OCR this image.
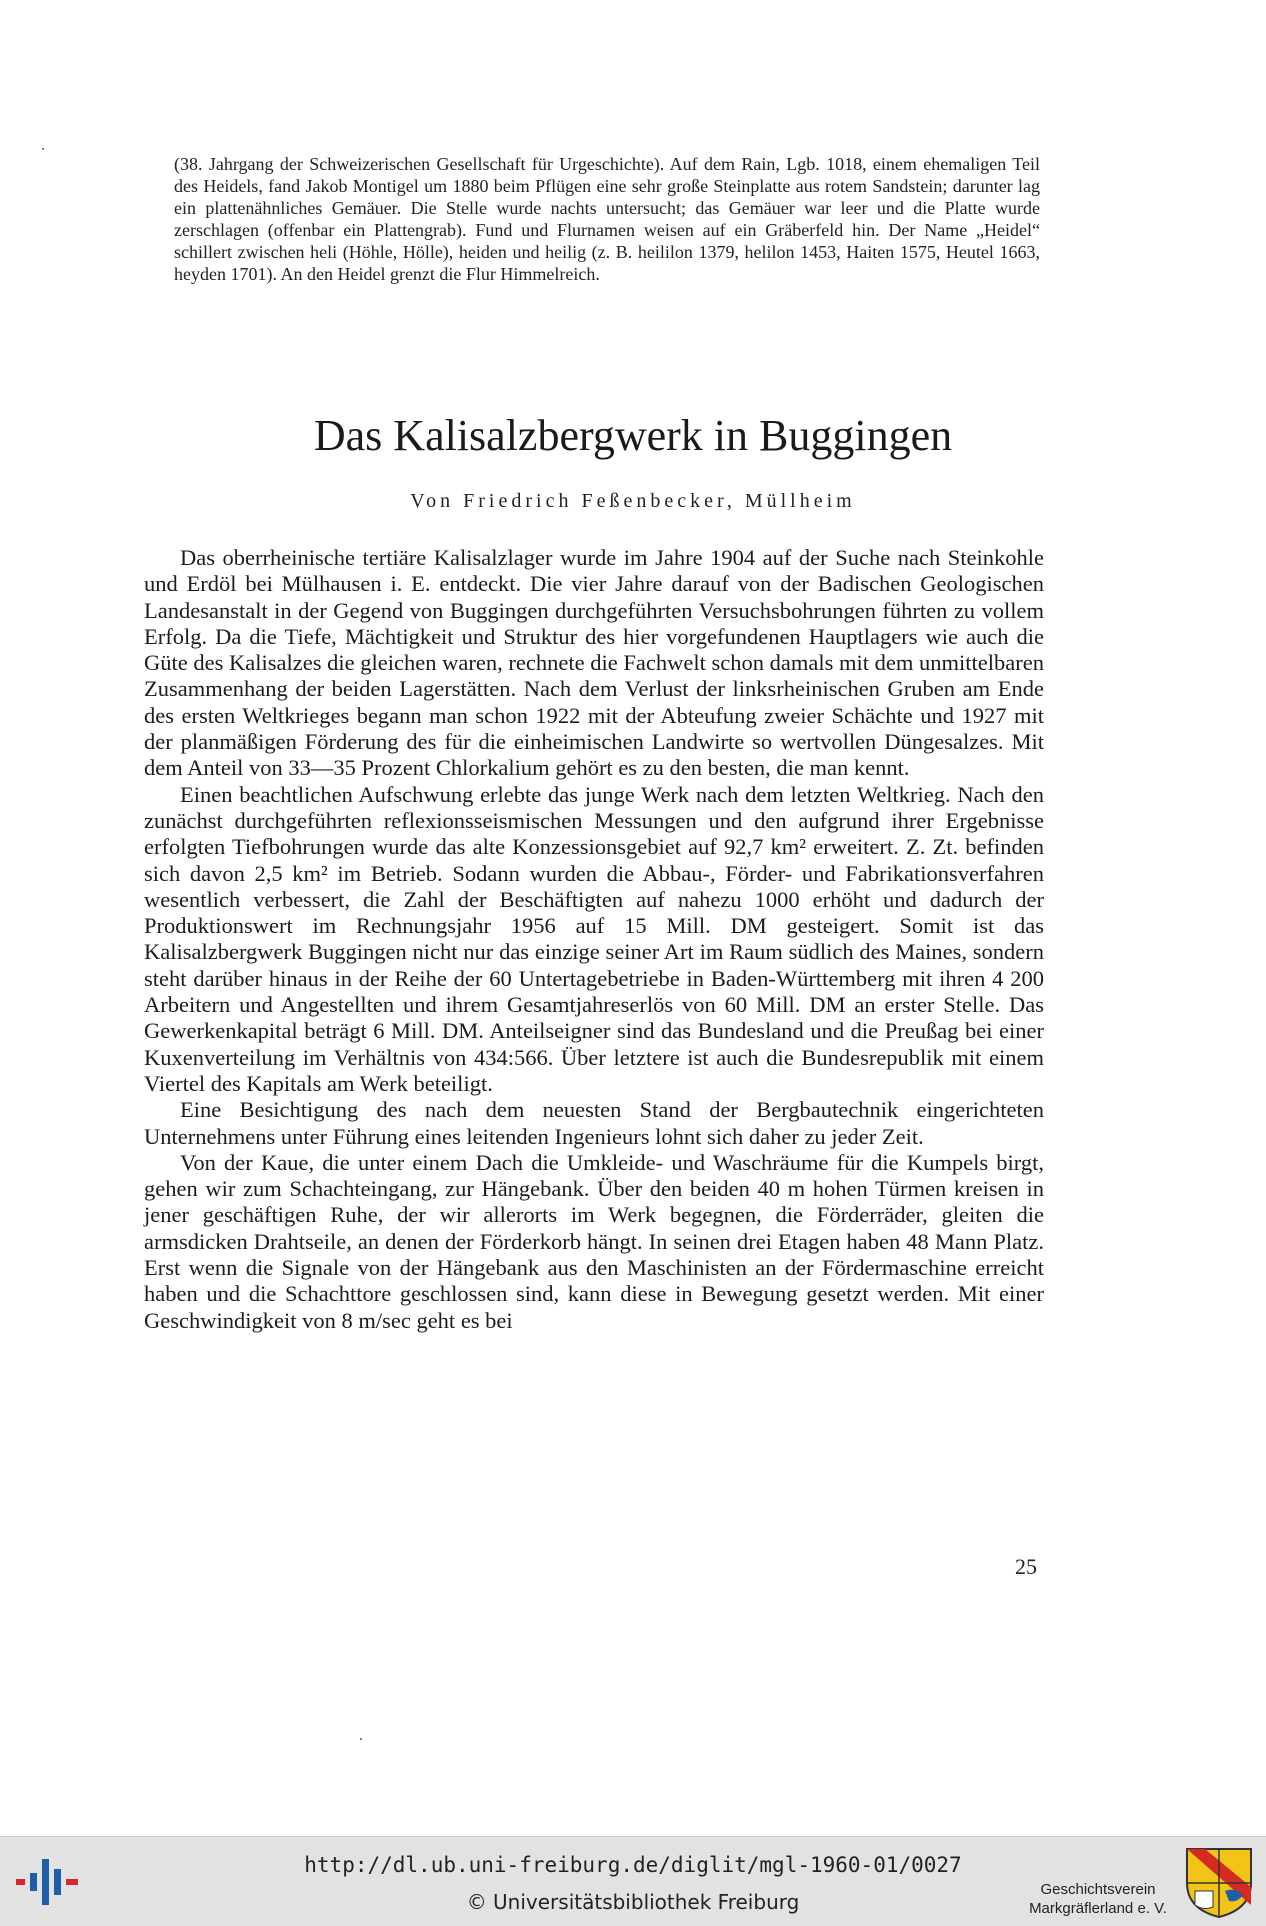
(38. Jahrgang der Schweizerischen Gesellschaft für Urgeschichte). Auf dem Rain, Lgb. 1018, einem ehemaligen Teil des Heidels, fand Jakob Montigel um 1880 beim Pflügen eine sehr große Steinplatte aus rotem Sandstein; darunter lag ein plattenähnliches Gemäuer. Die Stelle wurde nachts untersucht; das Gemäuer war leer und die Platte wurde zerschlagen (offenbar ein Plattengrab). Fund und Flurnamen weisen auf ein Gräberfeld hin. Der Name „Heidel“ schillert zwischen heli (Höhle, Hölle), heiden und heilig (z. B. heililon 1379, helilon 1453, Haiten 1575, Heutel 1663, heyden 1701). An den Heidel grenzt die Flur Himmelreich.

Das Kalisalzbergwerk in Buggingen
Von Friedrich Feßenbecker, Müllheim

Das oberrheinische tertiäre Kalisalzlager wurde im Jahre 1904 auf der Suche nach Steinkohle und Erdöl bei Mülhausen i. E. entdeckt. Die vier Jahre darauf von der Badischen Geologischen Landesanstalt in der Gegend von Buggingen durchgeführten Versuchsbohrungen führten zu vollem Erfolg. Da die Tiefe, Mächtigkeit und Struktur des hier vorgefundenen Hauptlagers wie auch die Güte des Kalisalzes die gleichen waren, rechnete die Fachwelt schon damals mit dem unmittelbaren Zusammenhang der beiden Lagerstätten. Nach dem Verlust der linksrheinischen Gruben am Ende des ersten Weltkrieges begann man schon 1922 mit der Abteufung zweier Schächte und 1927 mit der planmäßigen Förderung des für die einheimischen Landwirte so wertvollen Düngesalzes. Mit dem Anteil von 33—35 Prozent Chlorkalium gehört es zu den besten, die man kennt.

Einen beachtlichen Aufschwung erlebte das junge Werk nach dem letzten Weltkrieg. Nach den zunächst durchgeführten reflexionsseismischen Messungen und den aufgrund ihrer Ergebnisse erfolgten Tiefbohrungen wurde das alte Konzessionsgebiet auf 92,7 km² erweitert. Z. Zt. befinden sich davon 2,5 km² im Betrieb. Sodann wurden die Abbau-, Förder- und Fabrikationsverfahren wesentlich verbessert, die Zahl der Beschäftigten auf nahezu 1000 erhöht und dadurch der Produktionswert im Rechnungsjahr 1956 auf 15 Mill. DM gesteigert. Somit ist das Kalisalzbergwerk Buggingen nicht nur das einzige seiner Art im Raum südlich des Maines, sondern steht darüber hinaus in der Reihe der 60 Untertagebetriebe in Baden-Württemberg mit ihren 4 200 Arbeitern und Angestellten und ihrem Gesamtjahreserlös von 60 Mill. DM an erster Stelle. Das Gewerkenkapital beträgt 6 Mill. DM. Anteilseigner sind das Bundesland und die Preußag bei einer Kuxenverteilung im Verhältnis von 434:566. Über letztere ist auch die Bundesrepublik mit einem Viertel des Kapitals am Werk beteiligt.

Eine Besichtigung des nach dem neuesten Stand der Bergbautechnik eingerichteten Unternehmens unter Führung eines leitenden Ingenieurs lohnt sich daher zu jeder Zeit.

Von der Kaue, die unter einem Dach die Umkleide- und Waschräume für die Kumpels birgt, gehen wir zum Schachteingang, zur Hängebank. Über den beiden 40 m hohen Türmen kreisen in jener geschäftigen Ruhe, der wir allerorts im Werk begegnen, die Förderräder, gleiten die armsdicken Drahtseile, an denen der Förderkorb hängt. In seinen drei Etagen haben 48 Mann Platz. Erst wenn die Signale von der Hängebank aus den Maschinisten an der Fördermaschine erreicht haben und die Schachttore geschlossen sind, kann diese in Bewegung gesetzt werden. Mit einer Geschwindigkeit von 8 m/sec geht es bei

25
http://dl.ub.uni-freiburg.de/diglit/mgl-1960-01/0027
© Universitätsbibliothek Freiburg
Geschichtsverein
Markgräflerland e. V.
